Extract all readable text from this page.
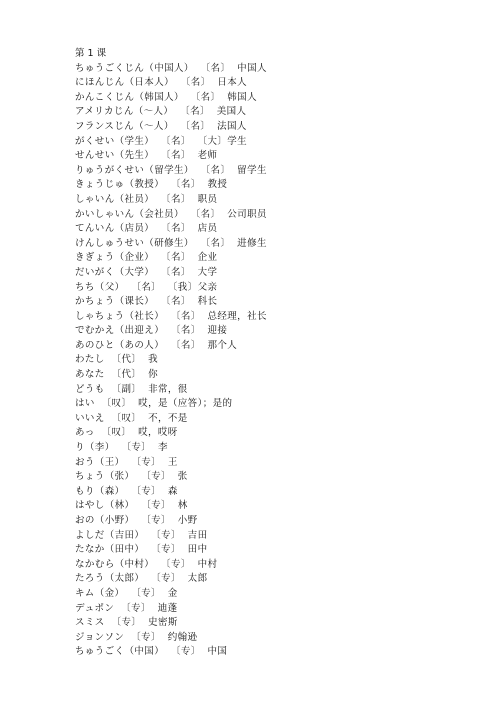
第 1 课
ちゅうごくじん（中国人）  〔名〕  中国人
にほんじん（日本人）  〔名〕  日本人
かんこくじん（韩国人）  〔名〕  韩国人
アメリカじん（～人）  〔名〕  美国人
フランスじん（～人）  〔名〕  法国人
がくせい（学生）  〔名〕  〔大〕学生
せんせい（先生）  〔名〕  老师
りゅうがくせい（留学生）  〔名〕  留学生
きょうじゅ（教授）  〔名〕  教授
しゃいん（社员）  〔名〕  职员
かいしゃいん（会社员）  〔名〕  公司职员
てんいん（店员）  〔名〕  店员
けんしゅうせい（研修生）  〔名〕  进修生
きぎょう（企业）  〔名〕  企业
だいがく（大学）  〔名〕  大学
ちち（父）  〔名〕  〔我〕父亲
かちょう（课长）  〔名〕  科长
しゃちょう（社长）  〔名〕  总经理，社长
でむかえ（出迎え）  〔名〕  迎接
あのひと（あの人）  〔名〕  那个人
わたし  〔代〕  我
あなた  〔代〕  你
どうも  〔副〕  非常，很
はい  〔叹〕  哎，是（应答）；是的
いいえ  〔叹〕  不，不是
あっ  〔叹〕  哎，哎呀
り（李）  〔专〕  李
おう（王）  〔专〕  王
ちょう（张）  〔专〕  张
もり（森）  〔专〕  森
はやし（林）  〔专〕  林
おの（小野）  〔专〕  小野
よしだ（吉田）  〔专〕  吉田
たなか（田中）  〔专〕  田中
なかむら（中村）  〔专〕  中村
たろう（太郎）  〔专〕  太郎
キム（金）  〔专〕  金
デュポン  〔专〕  迪蓬
スミス  〔专〕  史密斯
ジョンソン  〔专〕  约翰逊
ちゅうごく（中国）  〔专〕  中国
